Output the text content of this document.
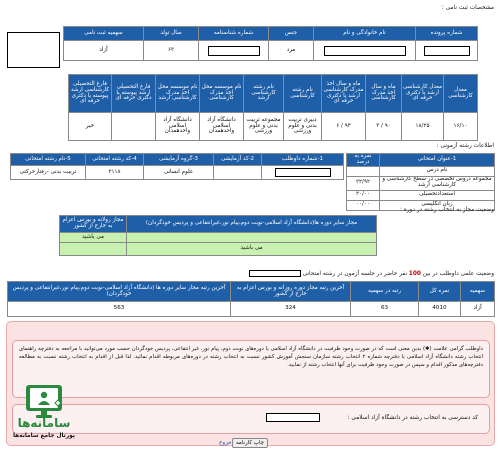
مشخصات ثبت نامی :
شماره پرونده	نام خانوادگی و نام	جنس	شماره شناسنامه	سال تولد	سهمیه ثبت نامی

	مرد		۶۳	آزاد
معدل کارشناسی	معدل کارشناسی ارشد یا دکتری حرفه ای	ماه و سال اخذ مدرک کارشناسی	ماه و سال اخذ مدرک کارشناسی ارشد یا دکتری حرفه ای	نام رشته کارشناسی	نام رشته کارشناسی ارشد	نام موسسه محل اخذ مدرک کارشناسی	نام موسسه محل اخذ مدرک کارشناسی ارشد	فارغ التحصیلی ارشد پیوسته یا دکتری حرفه ای	فارغ التحصیلی کارشناسی ارشد پیوسته یا دکتری حرفه ای
۱۶/۱۰	۱۸/۲۵	۹۰ / ۳	۹۴ / ۶	دبیری تربیت بدنی و علوم ورزشی	مجموعه تربیت بدنی و علوم ورزشی	دانشگاه آزاد اسلامی واحدهمدان	دانشگاه آزاد اسلامی واحدهمدان		خیر
اطلاعات رشته آزمونی :
1-شماره داوطلب	2-کد آزمایشی	3-گروه آزمایشی	4-کد رشته امتحانی	5-نام رشته امتحانی

		علوم انسانی	۲۱۱۸	تربیت بدنی -رفتارحرکتی
1-عنوان امتحانی	نمره به درصد
نام درس	
مجموعه دروس تخصصی در سطح کارشناسی و کارشناسی ارشد	۲۲/۹۲
استعدادتحصیلی	۲۰/۰۰
زبان انگلیسی	۰۰/۰۰
وضعیت مجاز به انتخاب رشته در دوره :
مجاز سایر دوره ها(دانشگاه آزاد اسلامی-نوبت دوم،پیام نور،غیرانتفاعی و پردیس خودگردان)	مجاز رولانه و بورس اعزام به خارج از کشور
	می باشید
می باشید	
وضعیت علمی داوطلب در بین 100 نفر حاضر در جلسه آزمون در رشته امتحانی
سهمیه	نمره کل	رتبه در سهمیه	آخرین رتبه مجاز دوره روزانه و بورس اعزام به خارج از کشور	آخرین رتبه مجاز سایر دوره ها (دانشگاه آزاد اسلامی-نوبت دوم،پیام نور،غیرانتفاعی و پردیس خودگردان)
آزاد	4010	63	324	563
داوطلب گرامی علامت (✱) بدین معنی است که در صورت وجود ظرفیت در دانشگاه آزاد اسلامی یا دوره‌های نوبت دوم، پیام نور، غیر انتفاعی، پردیس خودگردان حسب مورد می‌توانید با مراجعه به دفترچه راهنمای انتخاب رشته دانشگاه آزاد اسلامی یا دفترچه شماره ۲ انتخاب رشته سازمان سنجش آموزش کشور نسبت به انتخاب رشته در دوره‌های مربوطه اقدام نمائید. لذا قبل از اقدام به انتخاب رشته نسبت به مطالعه دفترچه‌های مذکور اقدام و سپس در صورت وجود ظرفیت برای آنها انتخاب رشته از نمایید.
کد دسترسی به انتخاب رشته در دانشگاه آزاد اسلامی :
چاپ کارنامه
خروج
سامانه‌ها
پورتال جامع سامانه‌ها
